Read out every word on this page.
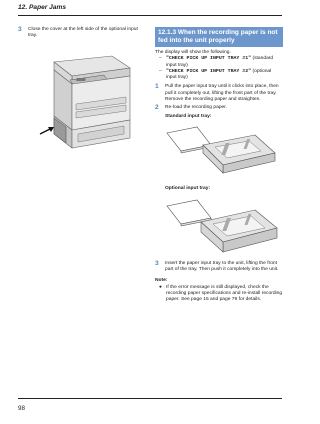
12. Paper Jams
3	Close the cover at the left side of the optional input tray.	12.1.3 When the recording paper is not fed into the unit properly
The display will show the following.
– "CHECK PICK UP INPUT TRAY #1" (standard input tray)
– "CHECK PICK UP INPUT TRAY #2" (optional input tray)
1	Pull the paper input tray until it clicks into place, then pull it completely out, lifting the front part of the tray. Remove the recording paper and straighten.
2	Re-load the recording paper.
Standard input tray:
Optional input tray:
3	Insert the paper input tray to the unit, lifting the front part of the tray. Then push it completely into the unit.
Note:
● If the error message is still displayed, check the recording paper specifications and re-install recording paper. See page 15 and page 79 for details.
98
